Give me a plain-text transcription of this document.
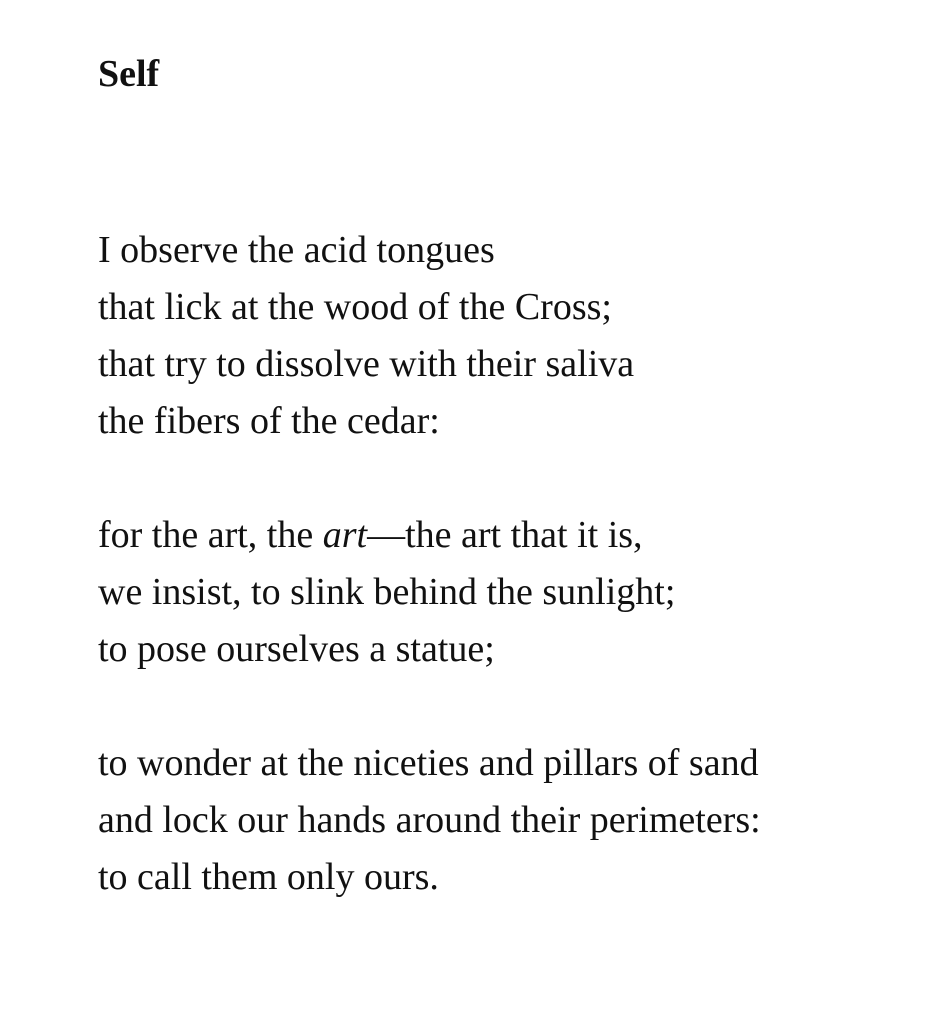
Self
I observe the acid tongues
that lick at the wood of the Cross;
that try to dissolve with their saliva
the fibers of the cedar:
for the art, the art—the art that it is,
we insist, to slink behind the sunlight;
to pose ourselves a statue;
to wonder at the niceties and pillars of sand
and lock our hands around their perimeters:
to call them only ours.
